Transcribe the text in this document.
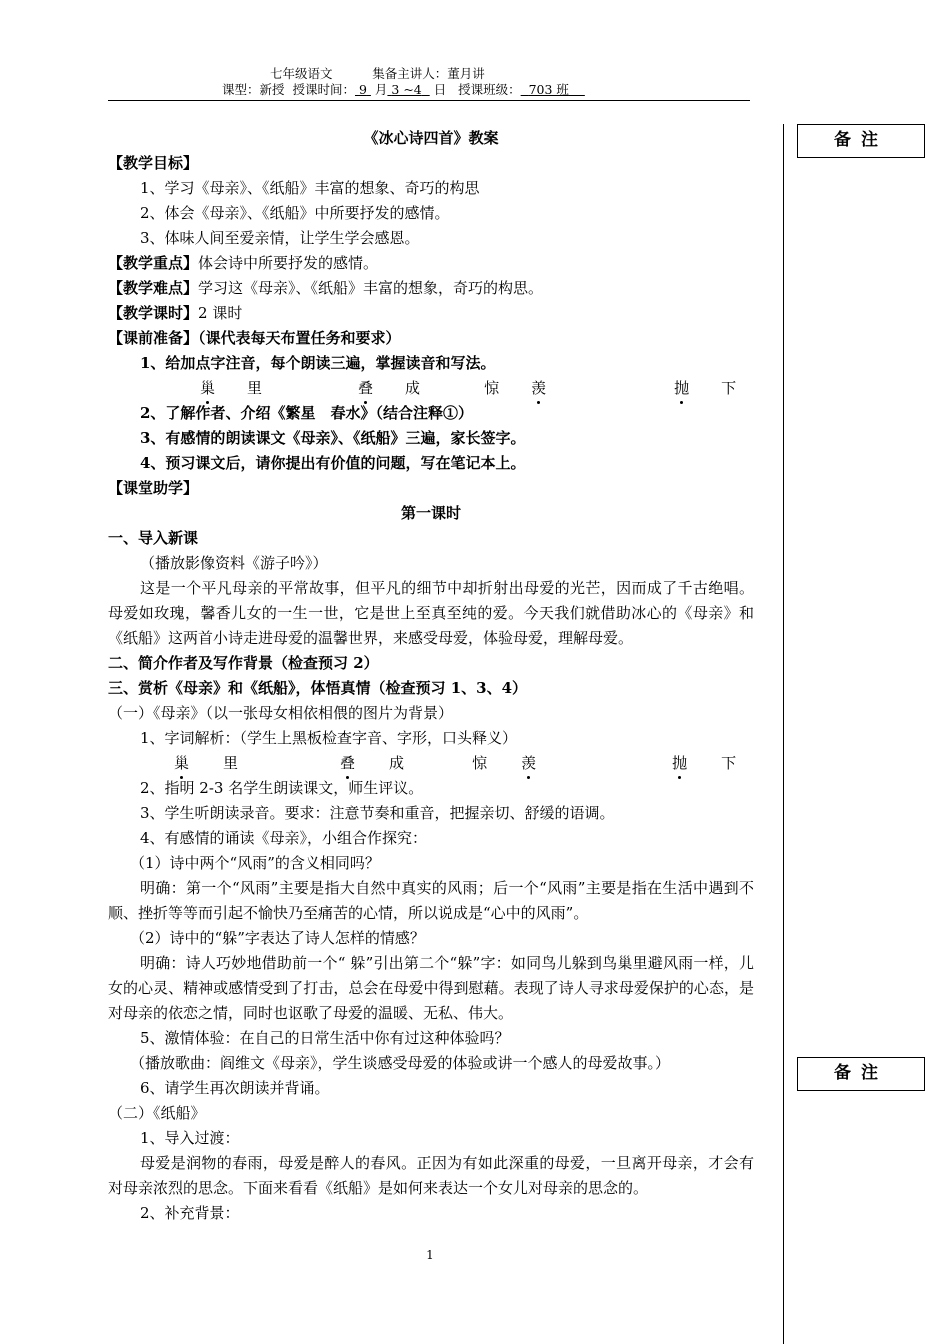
七年级语文	集备主讲人：董月讲
课型：新授 授课时间： 9 月 3 ~4 日 授课班级： 703 班
备注
备注

《冰心诗四首》教案

【教学目标】

1、学习《母亲》、《纸船》丰富的想象、奇巧的构思

2、体会《母亲》、《纸船》中所要抒发的感情。

3、体味人间至爱亲情，让学生学会感恩。

【教学重点】体会诗中所要抒发的感情。

【教学难点】学习这《母亲》、《纸船》丰富的想象，奇巧的构思。

【教学课时】2 课时

【课前准备】（课代表每天布置任务和要求）

1、给加点字注音，每个朗读三遍，掌握读音和写法。

巢 里	叠 成	惊 羡	抛 下

2、了解作者、介绍《繁星　春水》（结合注释①）

3、有感情的朗读课文《母亲》、《纸船》三遍，家长签字。

4、预习课文后，请你提出有价值的问题，写在笔记本上。

【课堂助学】

第一课时

一、导入新课

（播放影像资料《游子吟》）

这是一个平凡母亲的平常故事，但平凡的细节中却折射出母爱的光芒，因而成了千古绝唱。母爱如玫瑰，馨香儿女的一生一世，它是世上至真至纯的爱。今天我们就借助冰心的《母亲》和《纸船》这两首小诗走进母爱的温馨世界，来感受母爱，体验母爱，理解母爱。

二、简介作者及写作背景（检查预习 2）

三、赏析《母亲》和《纸船》，体悟真情（检查预习 1、3、4）

（一）《母亲》（以一张母女相依相偎的图片为背景）

1、字词解析：（学生上黑板检查字音、字形，口头释义）

巢 里	叠 成	惊 羡	抛 下

2、指明 2-3 名学生朗读课文，师生评议。

3、学生听朗读录音。要求：注意节奏和重音，把握亲切、舒缓的语调。

4、有感情的诵读《母亲》，小组合作探究：

（1）诗中两个“风雨”的含义相同吗？

明确：第一个“风雨”主要是指大自然中真实的风雨；后一个“风雨”主要是指在生活中遇到不顺、挫折等等而引起不愉快乃至痛苦的心情，所以说成是“心中的风雨”。

（2）诗中的“躲”字表达了诗人怎样的情感？

明确：诗人巧妙地借助前一个“ 躲”引出第二个“躲”字：如同鸟儿躲到鸟巢里避风雨一样，儿女的心灵、精神或感情受到了打击，总会在母爱中得到慰藉。表现了诗人寻求母爱保护的心态，是对母亲的依恋之情，同时也讴歌了母爱的温暖、无私、伟大。

5、激情体验：在自己的日常生活中你有过这种体验吗？

（播放歌曲：阎维文《母亲》，学生谈感受母爱的体验或讲一个感人的母爱故事。）

6、请学生再次朗读并背诵。

（二）《纸船》

1、导入过渡：

母爱是润物的春雨，母爱是醉人的春风。正因为有如此深重的母爱，一旦离开母亲，才会有对母亲浓烈的思念。下面来看看《纸船》是如何来表达一个女儿对母亲的思念的。

2、补充背景：

1
